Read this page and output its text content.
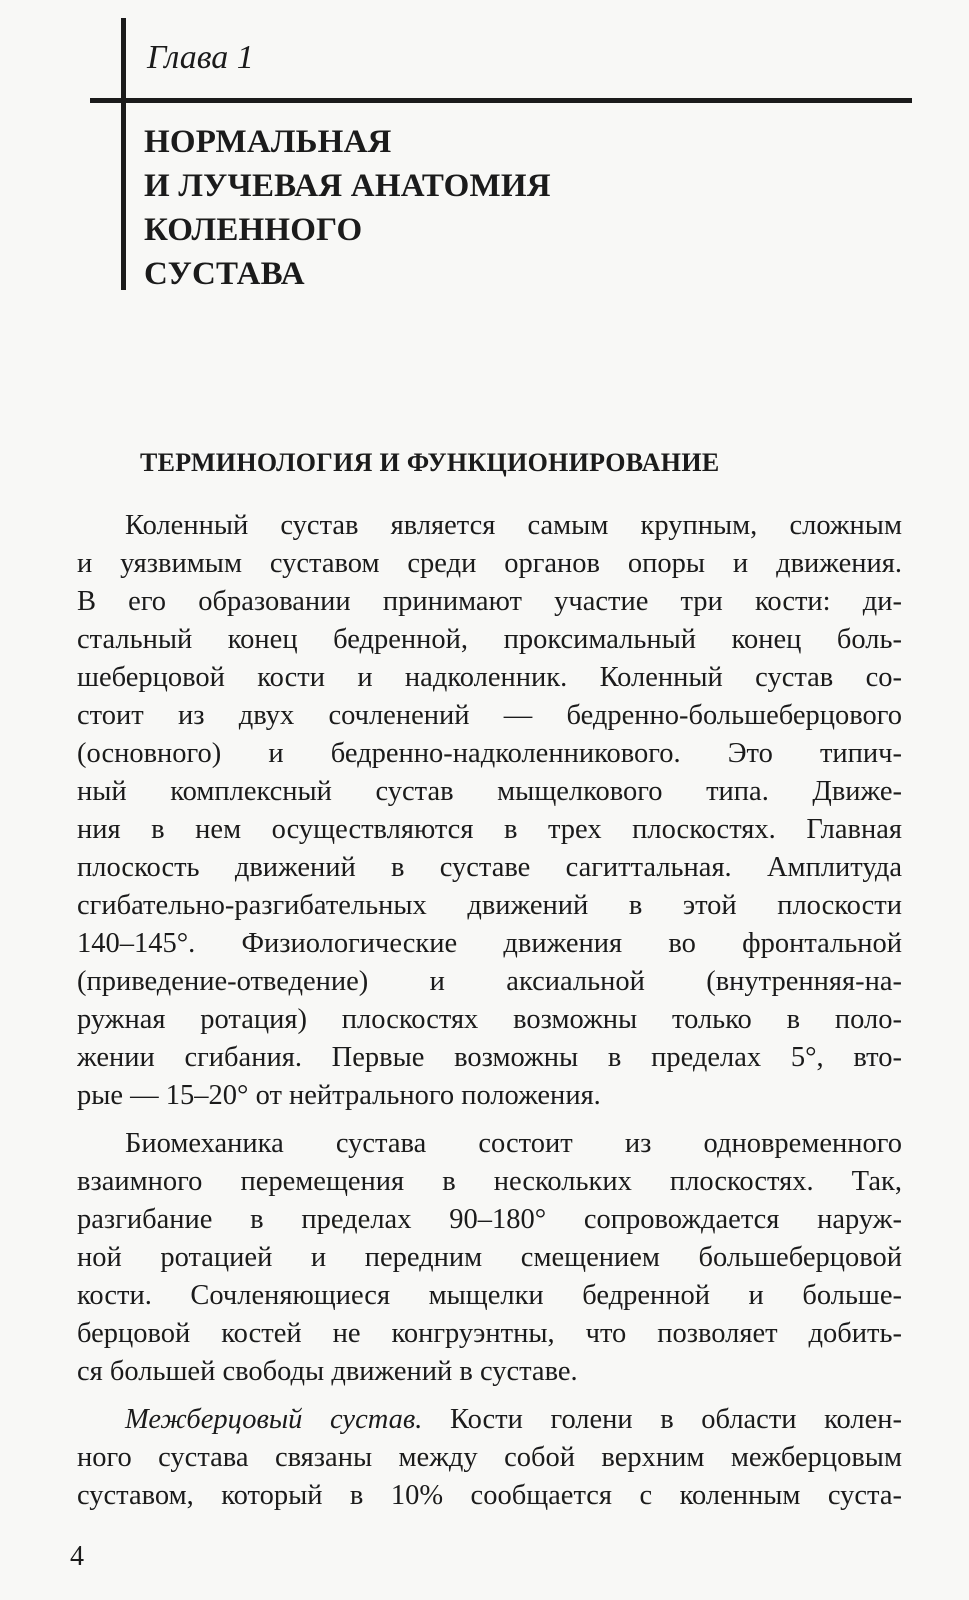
Глава 1
НОРМАЛЬНАЯ
И ЛУЧЕВАЯ АНАТОМИЯ
КОЛЕННОГО
СУСТАВА
ТЕРМИНОЛОГИЯ И ФУНКЦИОНИРОВАНИЕ

Коленный сустав является самым крупным, сложным
и уязвимым суставом среди органов опоры и движения.
В его образовании принимают участие три кости: ди-
стальный конец бедренной, проксимальный конец боль-
шеберцовой кости и надколенник. Коленный сустав со-
стоит из двух сочленений — бедренно-большеберцового
(основного) и бедренно-надколенникового. Это типич-
ный комплексный сустав мыщелкового типа. Движе-
ния в нем осуществляются в трех плоскостях. Главная
плоскость движений в суставе сагиттальная. Амплитуда
сгибательно-разгибательных движений в этой плоскости
140–145°. Физиологические движения во фронтальной
(приведение-отведение) и аксиальной (внутренняя-на-
ружная ротация) плоскостях возможны только в поло-
жении сгибания. Первые возможны в пределах 5°, вто-
рые — 15–20° от нейтрального положения.

Биомеханика сустава состоит из одновременного
взаимного перемещения в нескольких плоскостях. Так,
разгибание в пределах 90–180° сопровождается наруж-
ной ротацией и передним смещением большеберцовой
кости. Сочленяющиеся мыщелки бедренной и больше-
берцовой костей не конгруэнтны, что позволяет добить-
ся большей свободы движений в суставе.

Межберцовый сустав. Кости голени в области колен-
ного сустава связаны между собой верхним межберцовым
суставом, который в 10% сообщается с коленным суста-

4
